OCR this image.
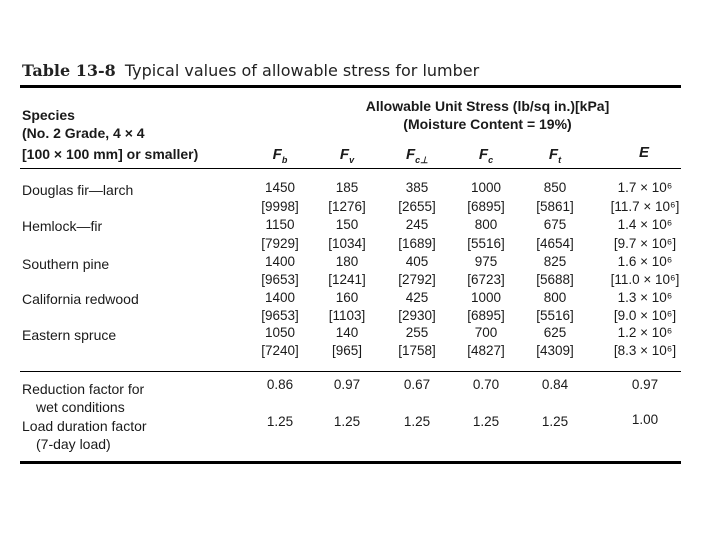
Table 13-8 Typical values of allowable stress for lumber
Species
(No. 2 Grade, 4 × 4
[100 × 100 mm] or smaller)
Allowable Unit Stress (lb/sq in.)[kPa]
(Moisture Content = 19%)
$F_b$	$F_v$	$F_{c\perp}$	$F_c$	$F_t$	E
Douglas fir—larch	1450	185	385	1000	850	1.7 × 10⁶
[9998]	[1276]	[2655]	[6895]	[5861]	[11.7 × 10⁶]
Hemlock—fir	1150	150	245	800	675	1.4 × 10⁶
[7929]	[1034]	[1689]	[5516]	[4654]	[9.7 × 10⁶]
Southern pine	1400	180	405	975	825	1.6 × 10⁶
[9653]	[1241]	[2792]	[6723]	[5688]	[11.0 × 10⁶]
California redwood	1400	160	425	1000	800	1.3 × 10⁶
[9653]	[1103]	[2930]	[6895]	[5516]	[9.0 × 10⁶]
Eastern spruce	1050	140	255	700	625	1.2 × 10⁶
[7240]	[965]	[1758]	[4827]	[4309]	[8.3 × 10⁶]
Reduction factor for
wet conditions
0.86	0.97	0.67	0.70	0.84	0.97
Load duration factor
(7-day load)
1.25	1.25	1.25	1.25	1.25	1.00
